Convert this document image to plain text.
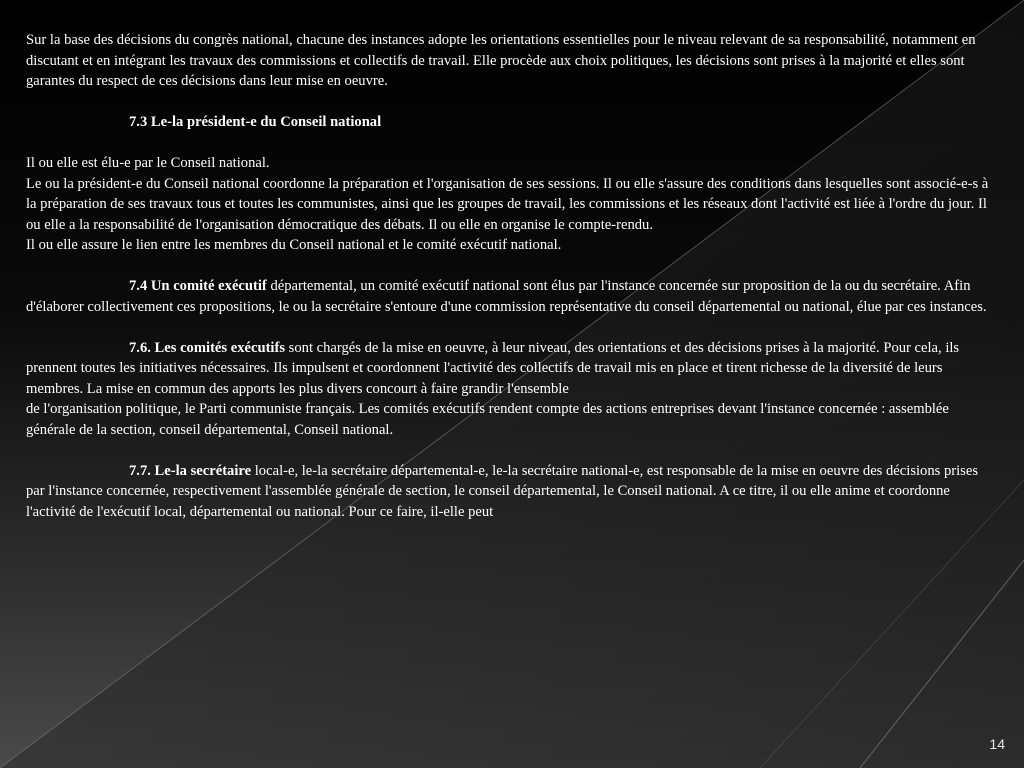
Sur la base des décisions du congrès national, chacune des instances adopte les orientations essentielles pour le niveau relevant de sa responsabilité, notamment en discutant et en intégrant les travaux des commissions et collectifs de travail. Elle procède aux choix politiques, les décisions sont prises à la majorité et elles sont garantes du respect de ces décisions dans leur mise en oeuvre.

7.3 Le-la président-e du Conseil national

Il ou elle est élu-e par le Conseil national.

Le ou la président-e du Conseil national coordonne la préparation et l'organisation de ses sessions. Il ou elle s'assure des conditions dans lesquelles sont associé-e-s à la préparation de ses travaux tous et toutes les communistes, ainsi que les groupes de travail, les commissions et les réseaux dont l'activité est liée à l'ordre du jour. Il ou elle a la responsabilité de l'organisation démocratique des débats. Il ou elle en organise le compte-rendu.

Il ou elle assure le lien entre les membres du Conseil national et le comité exécutif national.

7.4 Un comité exécutif départemental, un comité exécutif national sont élus par l'instance concernée sur proposition de la ou du secrétaire. Afin d'élaborer collectivement ces propositions, le ou la secrétaire s'entoure d'une commission représentative du conseil départemental ou national, élue par ces instances.

7.6. Les comités exécutifs sont chargés de la mise en oeuvre, à leur niveau, des orientations et des décisions prises à la majorité. Pour cela, ils prennent toutes les initiatives nécessaires. Ils impulsent et coordonnent l'activité des collectifs de travail mis en place et tirent richesse de la diversité de leurs membres. La mise en commun des apports les plus divers concourt à faire grandir l'ensemble
de l'organisation politique, le Parti communiste français. Les comités exécutifs rendent compte des actions entreprises devant l'instance concernée : assemblée générale de la section, conseil départemental, Conseil national.

7.7. Le-la secrétaire local-e, le-la secrétaire départemental-e, le-la secrétaire national-e, est responsable de la mise en oeuvre des décisions prises par l'instance concernée, respectivement l'assemblée générale de section, le conseil départemental, le Conseil national. A ce titre, il ou elle anime et coordonne l'activité de l'exécutif local, départemental ou national. Pour ce faire, il-elle peut

14
